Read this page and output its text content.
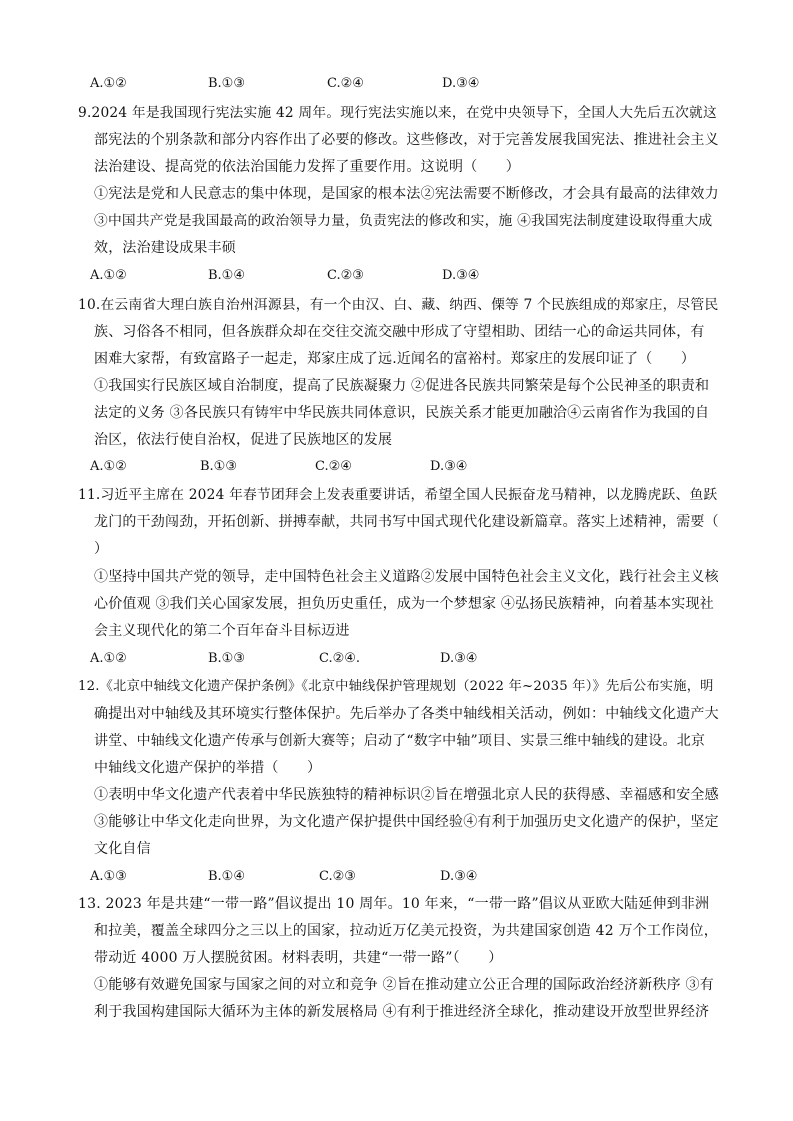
A.①②	B.①③	C.②④	D.③④
9.2024 年是我国现行宪法实施 42 周年。现行宪法实施以来，在党中央领导下，全国人大先后五次就这
部宪法的个别条款和部分内容作出了必要的修改。这些修改，对于完善发展我国宪法、推进社会主义
法治建设、提高党的依法治国能力发挥了重要作用。这说明（　　）
①宪法是党和人民意志的集中体现，是国家的根本法②宪法需要不断修改，才会具有最高的法律效力
③中国共产党是我国最高的政治领导力量，负责宪法的修改和实，施 ④我国宪法制度建设取得重大成
效，法治建设成果丰硕
A.①②	B.①④	C.②③	D.③④
10.在云南省大理白族自治州洱源县，有一个由汉、白、藏、纳西、傈等 7 个民族组成的郑家庄，尽管民
族、习俗各不相同，但各族群众却在交往交流交融中形成了守望相助、团结一心的命运共同体，有
困难大家帮，有致富路子一起走，郑家庄成了远.近闻名的富裕村。郑家庄的发展印证了（　　）
①我国实行民族区域自治制度，提高了民族凝聚力 ②促进各民族共同繁荣是每个公民神圣的职责和
法定的义务 ③各民族只有铸牢中华民族共同体意识，民族关系才能更加融洽④云南省作为我国的自
治区，依法行使自治权，促进了民族地区的发展
A.①②	B.①③	C.②④	D.③④
11.习近平主席在 2024 年春节团拜会上发表重要讲话，希望全国人民振奋龙马精神，以龙腾虎跃、鱼跃
龙门的干劲闯劲，开拓创新、拼搏奉献，共同书写中国式现代化建设新篇章。落实上述精神，需要（
）
①坚持中国共产党的领导，走中国特色社会主义道路②发展中国特色社会主义文化，践行社会主义核
心价值观 ③我们关心国家发展，担负历史重任，成为一个梦想家 ④弘扬民族精神，向着基本实现社
会主义现代化的第二个百年奋斗目标迈进
A.①②	B.①③	C.②④.	D.③④
12.《北京中轴线文化遗产保护条例》《北京中轴线保护管理规划（2022 年~2035 年）》先后公布实施，明
确提出对中轴线及其环境实行整体保护。先后举办了各类中轴线相关活动，例如：中轴线文化遗产大
讲堂、中轴线文化遗产传承与创新大赛等；启动了“数字中轴”项目、实景三维中轴线的建设。北京
中轴线文化遗产保护的举措（　　）
①表明中华文化遗产代表着中华民族独特的精神标识②旨在增强北京人民的获得感、幸福感和安全感
③能够让中华文化走向世界，为文化遗产保护提供中国经验④有利于加强历史文化遗产的保护，坚定
文化自信
A.①③	B.①④	C.②③	D.③④
13. 2023 年是共建“一带一路”倡议提出 10 周年。10 年来，“一带一路”倡议从亚欧大陆延伸到非洲
和拉美，覆盖全球四分之三以上的国家，拉动近万亿美元投资，为共建国家创造 42 万个工作岗位，
带动近 4000 万人摆脱贫困。材料表明，共建“一带一路”（　　）
①能够有效避免国家与国家之间的对立和竞争 ②旨在推动建立公正合理的国际政治经济新秩序 ③有
利于我国构建国际大循环为主体的新发展格局 ④有利于推进经济全球化，推动建设开放型世界经济
